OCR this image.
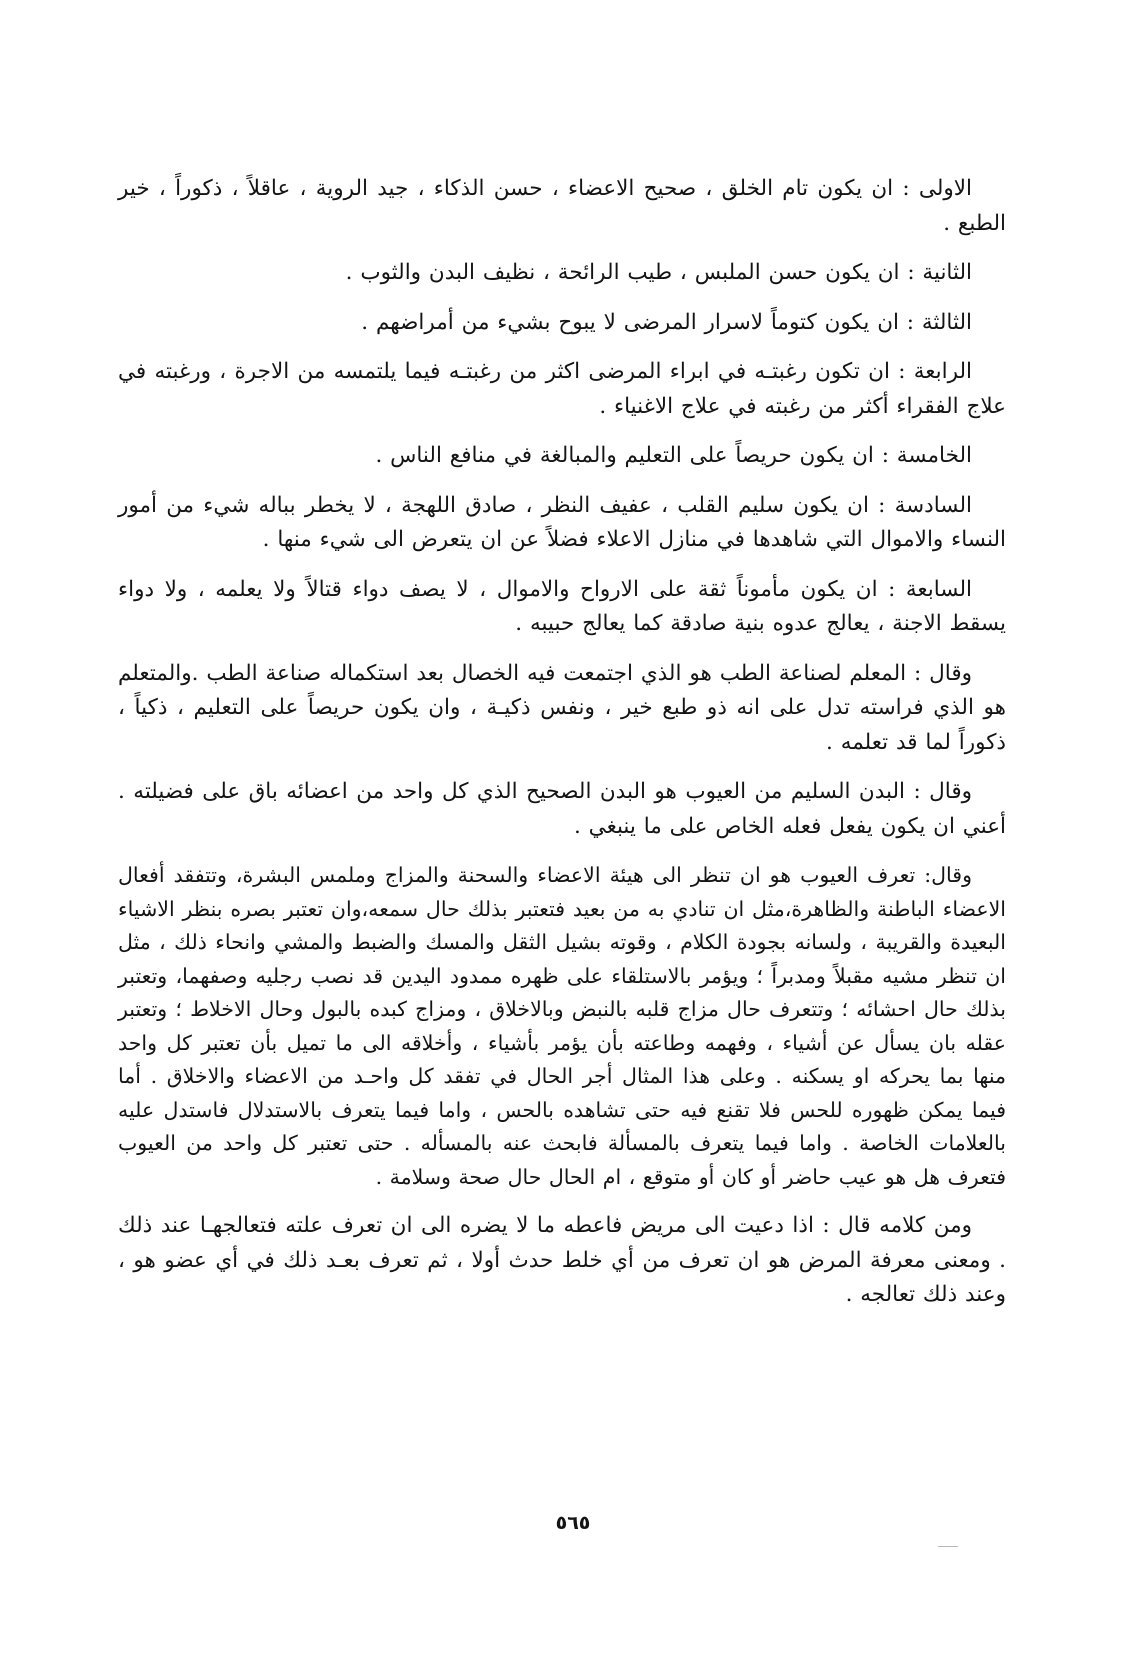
الاولى : ان يكون تام الخلق ، صحيح الاعضاء ، حسن الذكاء ، جيد الروية ، عاقلاً ، ذكوراً ، خير الطبع .

الثانية : ان يكون حسن الملبس ، طيب الرائحة ، نظيف البدن والثوب .

الثالثة : ان يكون كتوماً لاسرار المرضى لا يبوح بشيء من أمراضهم .

الرابعة : ان تكون رغبتـه في ابراء المرضى اكثر من رغبتـه فيما يلتمسه من الاجرة ، ورغبته في علاج الفقراء أكثر من رغبته في علاج الاغنياء .

الخامسة : ان يكون حريصاً على التعليم والمبالغة في منافع الناس .

السادسة : ان يكون سليم القلب ، عفيف النظر ، صادق اللهجة ، لا يخطر بباله شيء من أمور النساء والاموال التي شاهدها في منازل الاعلاء فضلاً عن ان يتعرض الى شيء منها .

السابعة : ان يكون مأموناً ثقة على الارواح والاموال ، لا يصف دواء قتالاً ولا يعلمه ، ولا دواء يسقط الاجنة ، يعالج عدوه بنية صادقة كما يعالج حبيبه .

وقال : المعلم لصناعة الطب هو الذي اجتمعت فيه الخصال بعد استكماله صناعة الطب .والمتعلم هو الذي فراسته تدل على انه ذو طبع خير ، ونفس ذكيـة ، وان يكون حريصاً على التعليم ، ذكياً ، ذكوراً لما قد تعلمه .

وقال : البدن السليم من العيوب هو البدن الصحيح الذي كل واحد من اعضائه باق على فضيلته . أعني ان يكون يفعل فعله الخاص على ما ينبغي .

وقال: تعرف العيوب هو ان تنظر الى هيئة الاعضاء والسحنة والمزاج وملمس البشرة، وتتفقد أفعال الاعضاء الباطنة والظاهرة،مثل ان تنادي به من بعيد فتعتبر بذلك حال سمعه،وان تعتبر بصره بنظر الاشياء البعيدة والقريبة ، ولسانه بجودة الكلام ، وقوته بشيل الثقل والمسك والضبط والمشي وانحاء ذلك ، مثل ان تنظر مشيه مقبلاً ومدبراً ؛ ويؤمر بالاستلقاء على ظهره ممدود اليدين قد نصب رجليه وصفهما، وتعتبر بذلك حال احشائه ؛ وتتعرف حال مزاج قلبه بالنبض وبالاخلاق ، ومزاج كبده بالبول وحال الاخلاط ؛ وتعتبر عقله بان يسأل عن أشياء ، وفهمه وطاعته بأن يؤمر بأشياء ، وأخلاقه الى ما تميل بأن تعتبر كل واحد منها بما يحركه او يسكنه . وعلى هذا المثال أجر الحال في تفقد كل واحـد من الاعضاء والاخلاق . أما فيما يمكن ظهوره للحس فلا تقنع فيه حتى تشاهده بالحس ، واما فيما يتعرف بالاستدلال فاستدل عليه بالعلامات الخاصة . واما فيما يتعرف بالمسألة فابحث عنه بالمسأله . حتى تعتبر كل واحد من العيوب فتعرف هل هو عيب حاضر أو كان أو متوقع ، ام الحال حال صحة وسلامة .

ومن كلامه قال : اذا دعيت الى مريض فاعطه ما لا يضره الى ان تعرف علته فتعالجهـا عند ذلك . ومعنى معرفة المرض هو ان تعرف من أي خلط حدث أولا ، ثم تعرف بعـد ذلك في أي عضو هو ، وعند ذلك تعالجه .

٥٦٥
